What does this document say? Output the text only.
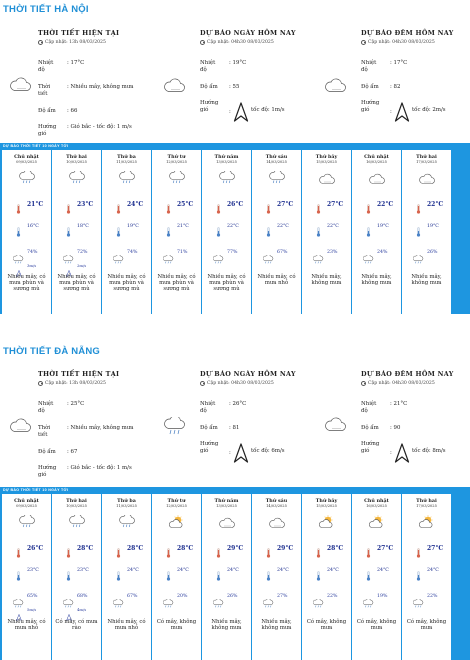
THỜI TIẾT HÀ NỘI
THỜI TIẾT HIỆN TẠI
Cập nhật: 13h 08/03/2025
Nhiệt độ
: 17°C
Thời tiết
: Nhiều mây, không mưa
Độ ẩm : 66
Hướng gió
: Gió bắc - tốc độ: 1 m/s
DỰ BÁO NGÀY HÔM NAY
Cập nhật: 04h30 08/03/2025
Nhiệt độ
: 19°C
Độ ẩm : 55
Hướng gió	:	tốc độ: 1m/s
DỰ BÁO ĐÊM HÔM NAY
Cập nhật: 04h30 08/03/2025
Nhiệt độ
: 17°C
Độ ẩm : 82
Hướng gió	:	tốc độ: 2m/s
DỰ BÁO THỜI TIẾT 10 NGÀY TỚI
Chủ nhật
09/03/2025
21°C
16°C
74%
3m/s
Nhiều mây, có mưa phùn và sương mù
Thứ hai
10/03/2025
23°C
18°C
72%
2m/s
Nhiều mây, có mưa phùn và sương mù
Thứ ba
11/03/2025
24°C
19°C
74%
Nhiều mây, có mưa phùn và sương mù
Thứ tư
12/03/2025
25°C
21°C
71%
Nhiều mây, có mưa phùn và sương mù
Thứ năm
13/03/2025
26°C
22°C
77%
Nhiều mây, có mưa phùn và sương mù
Thứ sáu
14/03/2025
27°C
22°C
67%
Nhiều mây, có mưa nhỏ
Thứ bảy
15/03/2025
27°C
22°C
23%
Nhiều mây, không mưa
Chủ nhật
16/03/2025
22°C
19°C
24%
Nhiều mây, không mưa
Thứ hai
17/03/2025
22°C
19°C
26%
Nhiều mây, không mưa
THỜI TIẾT ĐÀ NẴNG
THỜI TIẾT HIỆN TẠI
Cập nhật: 13h 08/03/2025
Nhiệt độ
: 25°C
Thời tiết
: Nhiều mây, không mưa
Độ ẩm : 67
Hướng gió
: Gió bắc - tốc độ: 1 m/s
DỰ BÁO NGÀY HÔM NAY
Cập nhật: 04h30 08/03/2025
Nhiệt độ
: 26°C
Độ ẩm : 81
Hướng gió	:	tốc độ: 6m/s
DỰ BÁO ĐÊM HÔM NAY
Cập nhật: 04h30 08/03/2025
Nhiệt độ
: 21°C
Độ ẩm : 90
Hướng gió	:	tốc độ: 8m/s
DỰ BÁO THỜI TIẾT 10 NGÀY TỚI
Chủ nhật
09/03/2025
26°C
23°C
65%
5m/s
Nhiều mây, có mưa nhỏ
Thứ hai
10/03/2025
28°C
23°C
68%
4m/s
Có mây, có mưa rào
Thứ ba
11/03/2025
28°C
24°C
67%
Nhiều mây, có mưa nhỏ
Thứ tư
12/03/2025
28°C
24°C
20%
Có mây, không mưa
Thứ năm
13/03/2025
29°C
24°C
26%
Nhiều mây, không mưa
Thứ sáu
14/03/2025
29°C
24°C
27%
Nhiều mây, không mưa
Thứ bảy
15/03/2025
28°C
24°C
22%
Có mây, không mưa
Chủ nhật
16/03/2025
27°C
24°C
19%
Có mây, không mưa
Thứ hai
17/03/2025
27°C
24°C
22%
Có mây, không mưa
